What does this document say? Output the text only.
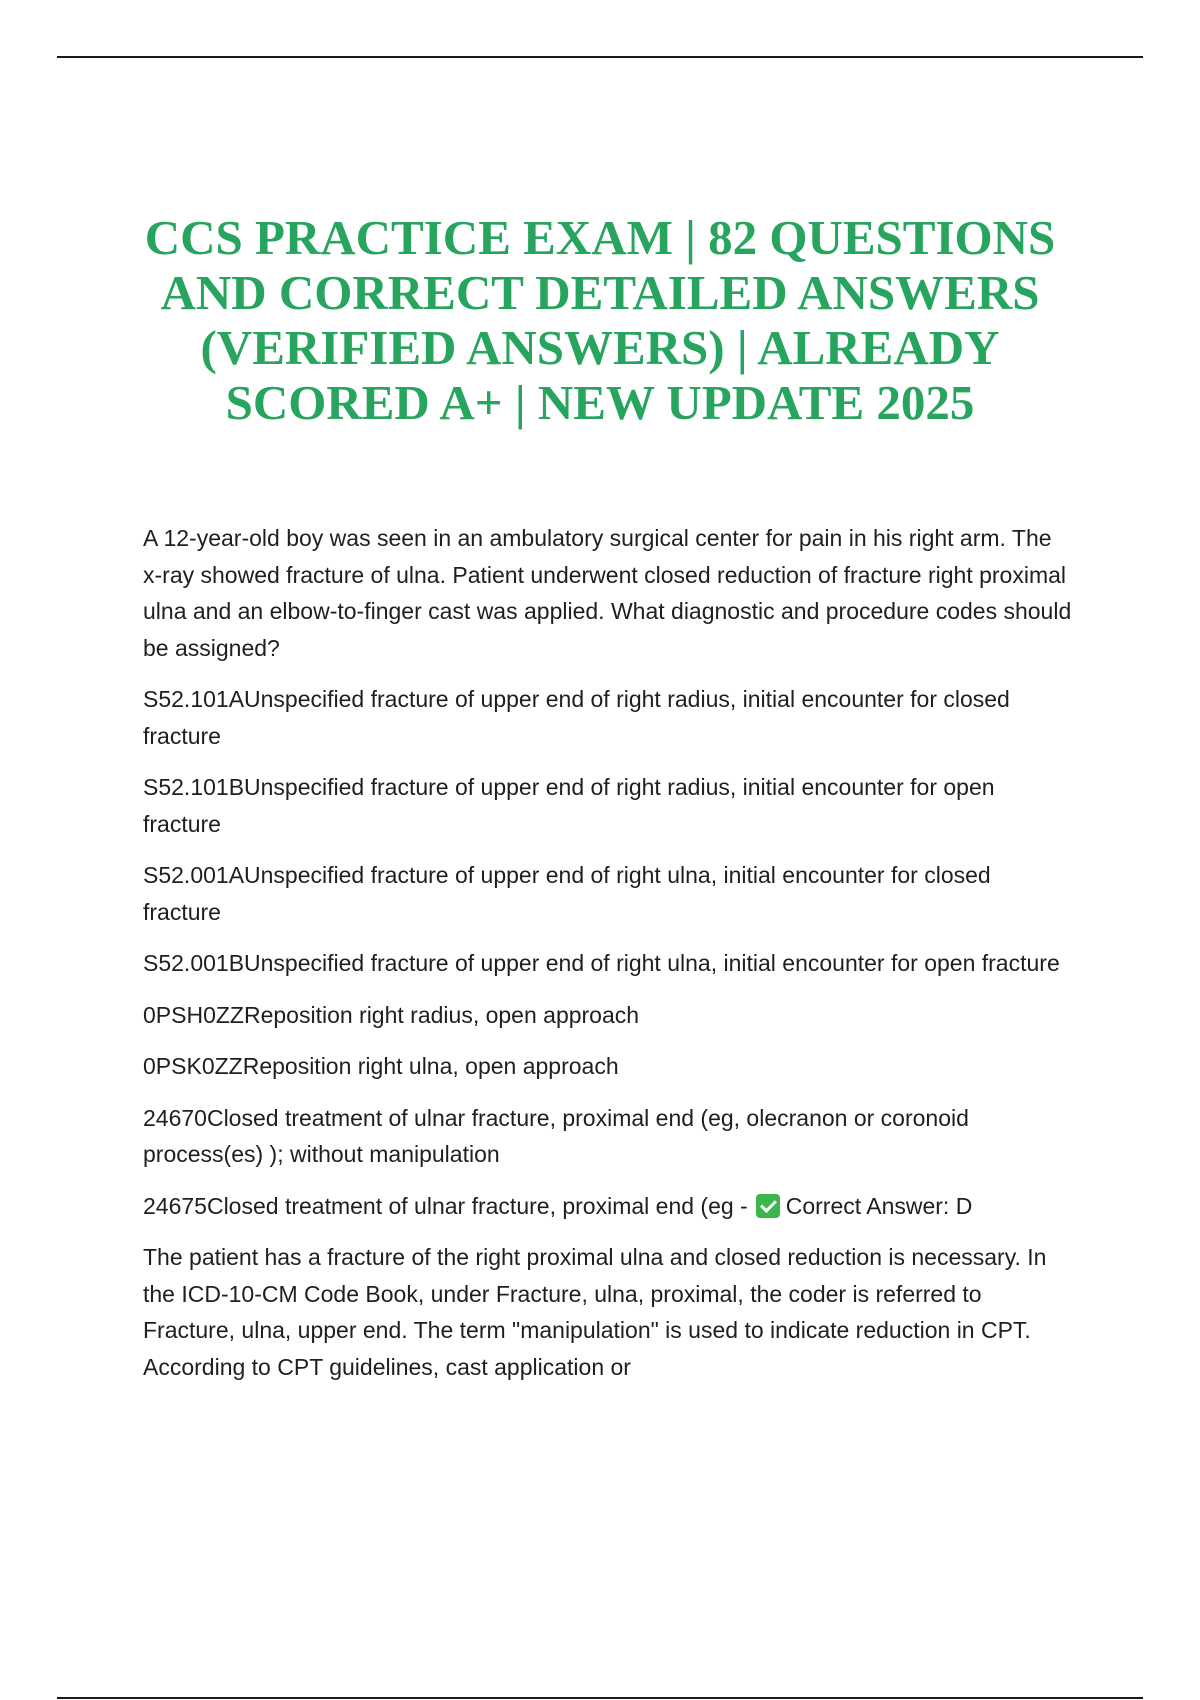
CCS PRACTICE EXAM | 82 QUESTIONS AND CORRECT DETAILED ANSWERS (VERIFIED ANSWERS) | ALREADY SCORED A+ | NEW UPDATE 2025

A 12-year-old boy was seen in an ambulatory surgical center for pain in his right arm. The x-ray showed fracture of ulna. Patient underwent closed reduction of fracture right proximal ulna and an elbow-to-finger cast was applied. What diagnostic and procedure codes should be assigned?

S52.101AUnspecified fracture of upper end of right radius, initial encounter for closed fracture

S52.101BUnspecified fracture of upper end of right radius, initial encounter for open fracture

S52.001AUnspecified fracture of upper end of right ulna, initial encounter for closed fracture

S52.001BUnspecified fracture of upper end of right ulna, initial encounter for open fracture

0PSH0ZZReposition right radius, open approach

0PSK0ZZReposition right ulna, open approach

24670Closed treatment of ulnar fracture, proximal end (eg, olecranon or coronoid process(es) ); without manipulation

24675Closed treatment of ulnar fracture, proximal end (eg - Correct Answer: D

The patient has a fracture of the right proximal ulna and closed reduction is necessary. In the ICD-10-CM Code Book, under Fracture, ulna, proximal, the coder is referred to Fracture, ulna, upper end. The term "manipulation" is used to indicate reduction in CPT. According to CPT guidelines, cast application or
